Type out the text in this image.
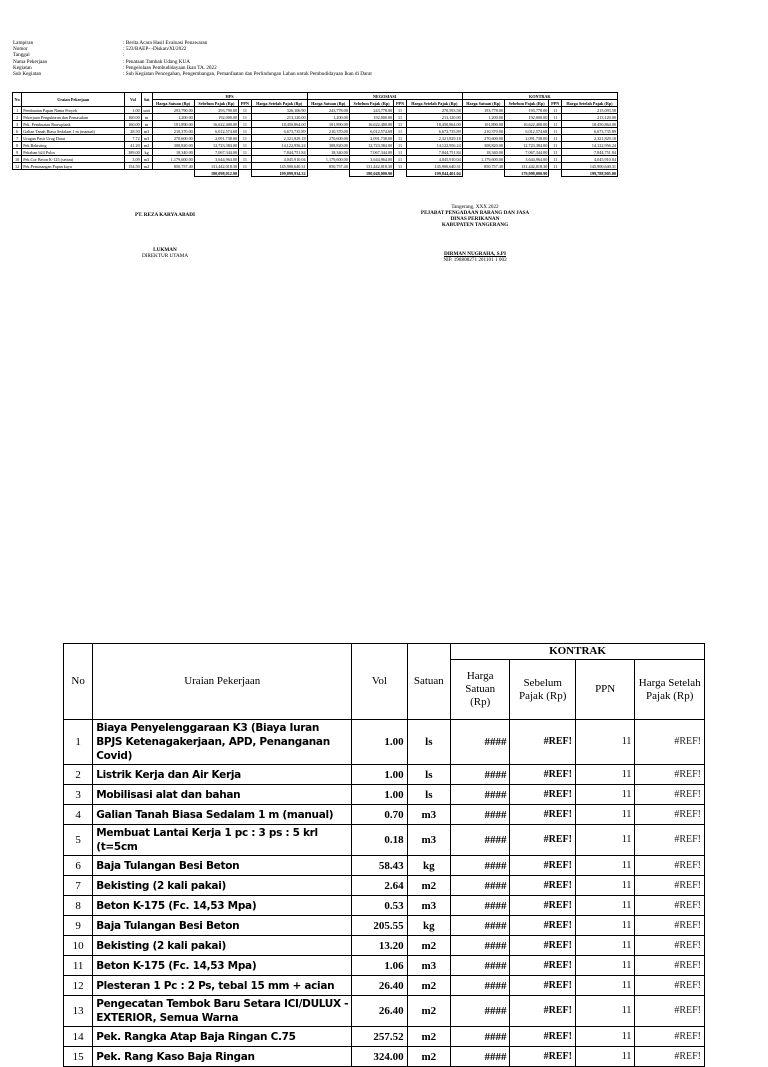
Lampiran	: Berita Acara Hasil Evaluasi Penawaran
Nomor	: 523/BAEP- -Diskan/XI/2022
Tanggal	:
Nama Pekerjaan	: Penataan Tambak Udang KUA
Kegiatan	: Pengelolaan Pembudidayaan Ikan TA. 2022
Sub Kegiatan	: Sub Kegiatan Pencegahan, Pengembangan, Pemanfaatan dan Perlindungan Lahan untuk Pembudidayaan Ikan di Darat
No	Uraian Pekerjaan	Vol	Sat	HPS				NEGOSIASI				KONTRAK			
				Harga Satuan (Rp)	Sebelum Pajak (Rp)	PPN	Harga Setelah Pajak (Rp)	Harga Satuan (Rp)	Sebelum Pajak (Rp)	PPN	Harga Setelah Pajak (Rp)	Harga Satuan (Rp)	Sebelum Pajak (Rp)	PPN	Harga Setelah Pajak (Rp)
1	Pembuatan Papan Nama Proyek	1.00	unit	293,790.00	293,790.00	11	326,106.90	243,778.00	243,778.00	11	270,593.58	193,778.00	193,778.00	11	215,093.58
2	Pekerjaan Pengukuran dan Pemasukan	160.00	m	1,200.00	192,000.00	11	213,120.00	1,200.00	192,000.00	11	213,120.00	1,200.00	192,000.00	11	213,120.00
3	Pek. Pembuatan Bouwplank	160.00	m	101,890.00	16,622,400.00	11	18,450,864.00	101,890.00	16,622,400.00	11	18,450,864.00	101,890.00	16,622,400.00	11	18,450,864.00
6	Galian Tanah Biasa Sedalam 1 m (manual)	28.50	m3	210,370.00	6,012,574.68	11	6,673,735.89	210,370.00	6,012,574.68	11	6,673,735.89	210,370.00	6,012,574.68	11	6,673,735.89
7	Urugan Pasir Urug Darat	7.72	m3	270,600.00	2,091,738.00	11	2,321,829.18	270,600.00	2,091,738.00	11	2,321,829.18	270,600.00	2,091,738.00	11	2,321,829.18
8	Pek.Bekisting	41.20	m2	308,820.00	12,723,384.00	11	14,122,956.24	308,820.00	12,723,384.00	11	14,122,956.24	308,820.00	12,723,384.00	11	14,122,956.24
9	Pekaban b24 Polos	389.00	kg	18,340.00	7,067,344.00	11	7,844,751.84	18,340.00	7,067,344.00	11	7,844,751.84	18,340.00	7,067,344.00	11	7,844,751.84
10	Pek.Cor Beton K-125 (setara)	3.09	m3	1,179,600.00	3,644,964.00	11	4,045,910.04	1,179,600.00	3,644,964.00	11	4,045,910.04	1,179,600.00	3,644,964.00	11	4,045,910.04
12	Pek.Pemasangan Papan kayu	154.50	m2	850,757.40	131,442,018.30	11	145,900,640.31	850,757.40	131,442,018.30	11	145,900,640.31	850,757.40	131,442,018.30	11	145,900,640.31
					180,098,012.90		199,899,934.32		180,048,000.90		199,844,401.04		179,998,000.90		199,788,905.00
PT. REZA KARYA ABADI
LUKMAN
DIREKTUR UTAMA
Tangerang, XXX 2022
PEJABAT PENGADAAN BARANG DAN JASA
DINAS PERIKANAN
KABUPATEN TANGERANG
DIRMAN NUGRAHA, S.PI
NIP. 198808271 201101 1 002
No	Uraian Pekerjaan	Vol	Satuan	KONTRAK			
				Harga Satuan (Rp)	Sebelum Pajak (Rp)	PPN	Harga Setelah Pajak (Rp)
1	Biaya Penyelenggaraan K3 (Biaya Iuran BPJS Ketenagakerjaan, APD, Penanganan Covid)	1.00	ls	####	#REF!	11	#REF!
2	Listrik Kerja dan Air Kerja	1.00	ls	####	#REF!	11	#REF!
3	Mobilisasi alat dan bahan	1.00	ls	####	#REF!	11	#REF!
4	Galian Tanah Biasa Sedalam 1 m (manual)	0.70	m3	####	#REF!	11	#REF!
5	Membuat Lantai Kerja 1 pc : 3 ps : 5 krl (t=5cm	0.18	m3	####	#REF!	11	#REF!
6	Baja Tulangan Besi Beton	58.43	kg	####	#REF!	11	#REF!
7	Bekisting (2 kali pakai)	2.64	m2	####	#REF!	11	#REF!
8	Beton K-175 (Fc. 14,53 Mpa)	0.53	m3	####	#REF!	11	#REF!
9	Baja Tulangan Besi Beton	205.55	kg	####	#REF!	11	#REF!
10	Bekisting (2 kali pakai)	13.20	m2	####	#REF!	11	#REF!
11	Beton K-175 (Fc. 14,53 Mpa)	1.06	m3	####	#REF!	11	#REF!
12	Plesteran 1 Pc : 2 Ps, tebal 15 mm + acian	26.40	m2	####	#REF!	11	#REF!
13	Pengecatan Tembok Baru Setara ICI/DULUX - EXTERIOR, Semua Warna	26.40	m2	####	#REF!	11	#REF!
14	Pek. Rangka Atap Baja Ringan C.75	257.52	m2	####	#REF!	11	#REF!
15	Pek. Rang Kaso Baja Ringan	324.00	m2	####	#REF!	11	#REF!
